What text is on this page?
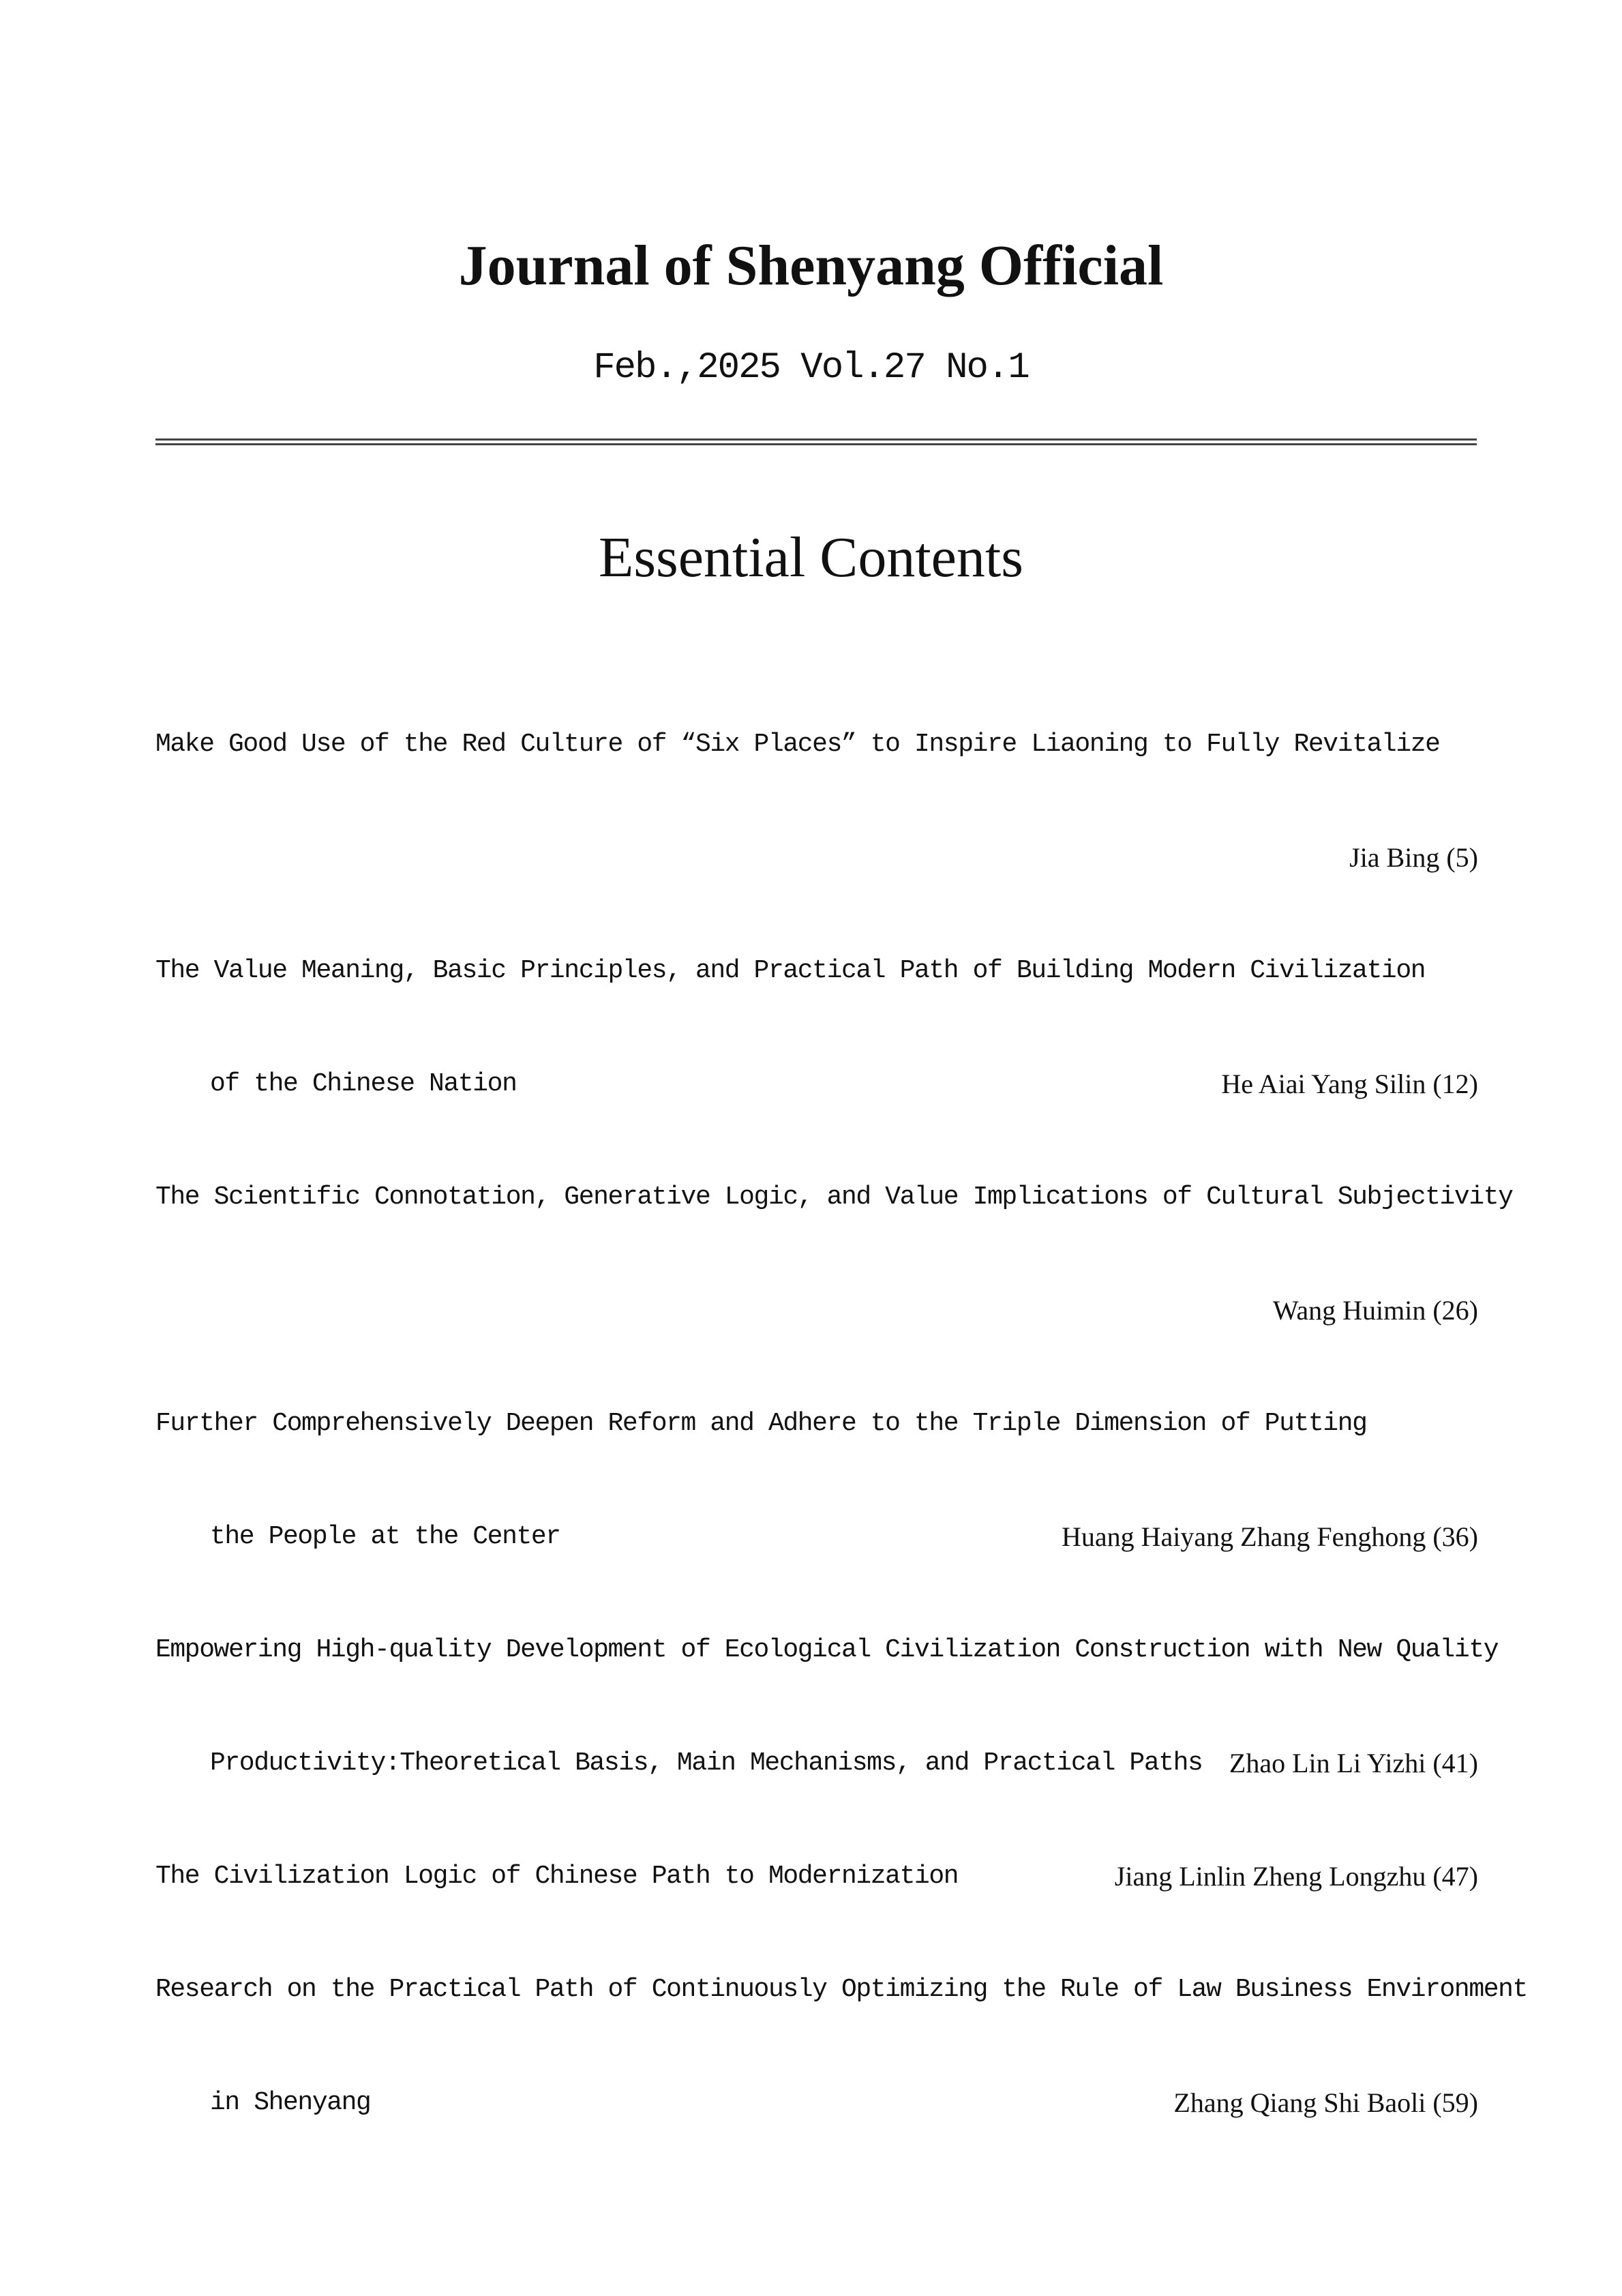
Journal of Shenyang Official
Feb.,2025 Vol.27 No.1
Essential Contents
Make Good Use of the Red Culture of “Six Places” to Inspire Liaoning to Fully Revitalize
Jia Bing (5)
The Value Meaning, Basic Principles, and Practical Path of Building Modern Civilization
of the Chinese Nation	He Aiai Yang Silin (12)
The Scientific Connotation, Generative Logic, and Value Implications of Cultural Subjectivity
Wang Huimin (26)
Further Comprehensively Deepen Reform and Adhere to the Triple Dimension of Putting
the People at the Center	Huang Haiyang Zhang Fenghong (36)
Empowering High-quality Development of Ecological Civilization Construction with New Quality
Productivity:Theoretical Basis, Main Mechanisms, and Practical Paths Zhao Lin Li Yizhi (41)
The Civilization Logic of Chinese Path to Modernization	Jiang Linlin Zheng Longzhu (47)
Research on the Practical Path of Continuously Optimizing the Rule of Law Business Environment
in Shenyang	Zhang Qiang Shi Baoli (59)
